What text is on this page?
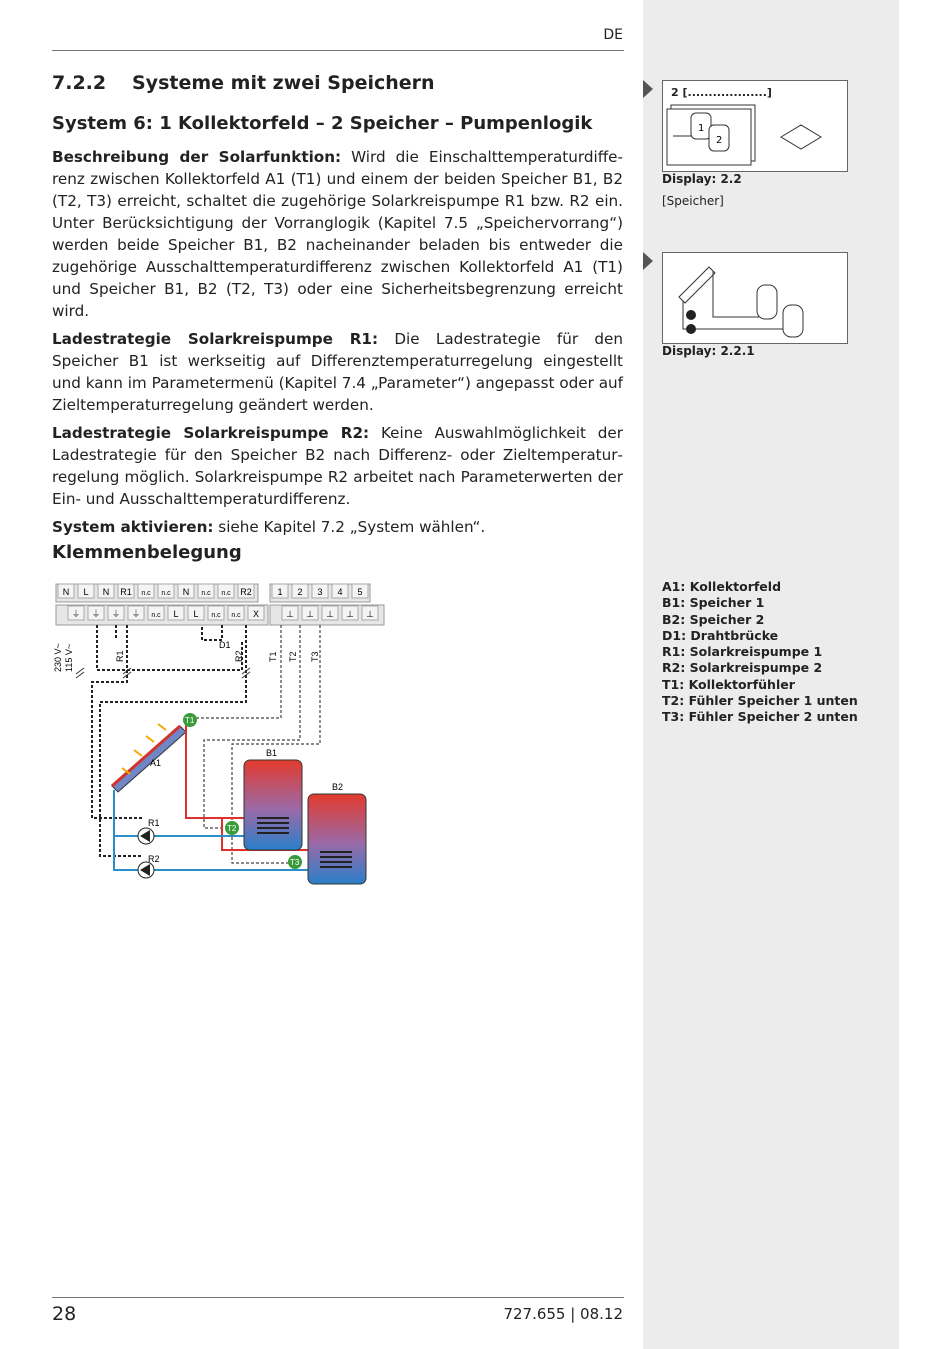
DE
7.2.2 Systeme mit zwei Speichern
System 6: 1 Kollektorfeld – 2 Speicher – Pumpenlogik

Beschreibung der Solarfunktion: Wird die Einschalttemperaturdifferenz zwischen Kollektorfeld A1 (T1) und einem der beiden Speicher B1, B2 (T2, T3) erreicht, schaltet die zugehörige Solarkreispumpe R1 bzw. R2 ein. Unter Berücksichtigung der Vorranglogik (Kapitel 7.5 „Speichervorrang“) werden beide Speicher B1, B2 nacheinander beladen bis entweder die zugehörige Ausschalttemperaturdifferenz zwischen Kollektorfeld A1 (T1) und Speicher B1, B2 (T2, T3) oder eine Sicherheitsbegrenzung erreicht wird.

Ladestrategie Solarkreispumpe R1: Die Ladestrategie für den Speicher B1 ist werkseitig auf Differenztemperaturregelung eingestellt und kann im Parametermenü (Kapitel 7.4 „Parameter“) angepasst oder auf Zieltemperaturregelung geändert werden.

Ladestrategie Solarkreispumpe R2: Keine Auswahlmöglichkeit der Ladestrategie für den Speicher B2 nach Differenz- oder Zieltemperaturregelung möglich. Solarkreispumpe R2 arbeitet nach Parameterwerten der Ein- und Ausschalttemperaturdifferenz.

System aktivieren: siehe Kapitel 7.2 „System wählen“.

Klemmenbelegung
N L N R1 n.c n.c N n.c n.c R2
⏚ ⏚ ⏚ ⏚ n.c L L n.c n.c X
1 2 3 4 5
⊥ ⊥ ⊥ ⊥ ⊥
230 V~ 115 V~	R1
D1
R2	T1 T2 T3
A1
B1
B2
R1
R2
T1
T2
T3
2 [...................]
1
2
Display: 2.2
[Speicher]
Display: 2.2.1
A1: Kollektorfeld
B1: Speicher 1
B2: Speicher 2
D1: Drahtbrücke
R1: Solarkreispumpe 1
R2: Solarkreispumpe 2
T1: Kollektorfühler
T2: Fühler Speicher 1 unten
T3: Fühler Speicher 2 unten
28	727.655 | 08.12
